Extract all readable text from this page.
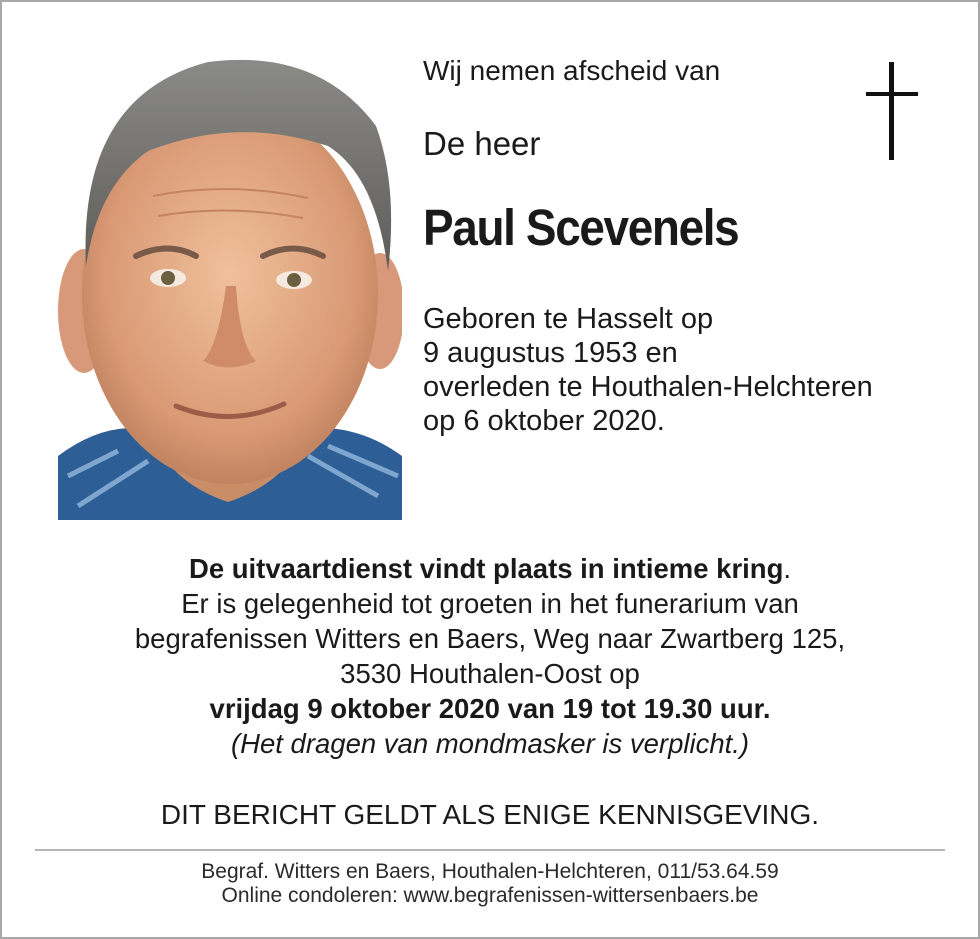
Wij nemen afscheid van
De heer
Paul Scevenels
Geboren te Hasselt op
9 augustus 1953 en
overleden te Houthalen-Helchteren
op 6 oktober 2020.
De uitvaartdienst vindt plaats in intieme kring.
Er is gelegenheid tot groeten in het funerarium van
begrafenissen Witters en Baers, Weg naar Zwartberg 125,
3530 Houthalen-Oost op
vrijdag 9 oktober 2020 van 19 tot 19.30 uur.
(Het dragen van mondmasker is verplicht.)
DIT BERICHT GELDT ALS ENIGE KENNISGEVING.
Begraf. Witters en Baers, Houthalen-Helchteren, 011/53.64.59
Online condoleren: www.begrafenissen-wittersenbaers.be
